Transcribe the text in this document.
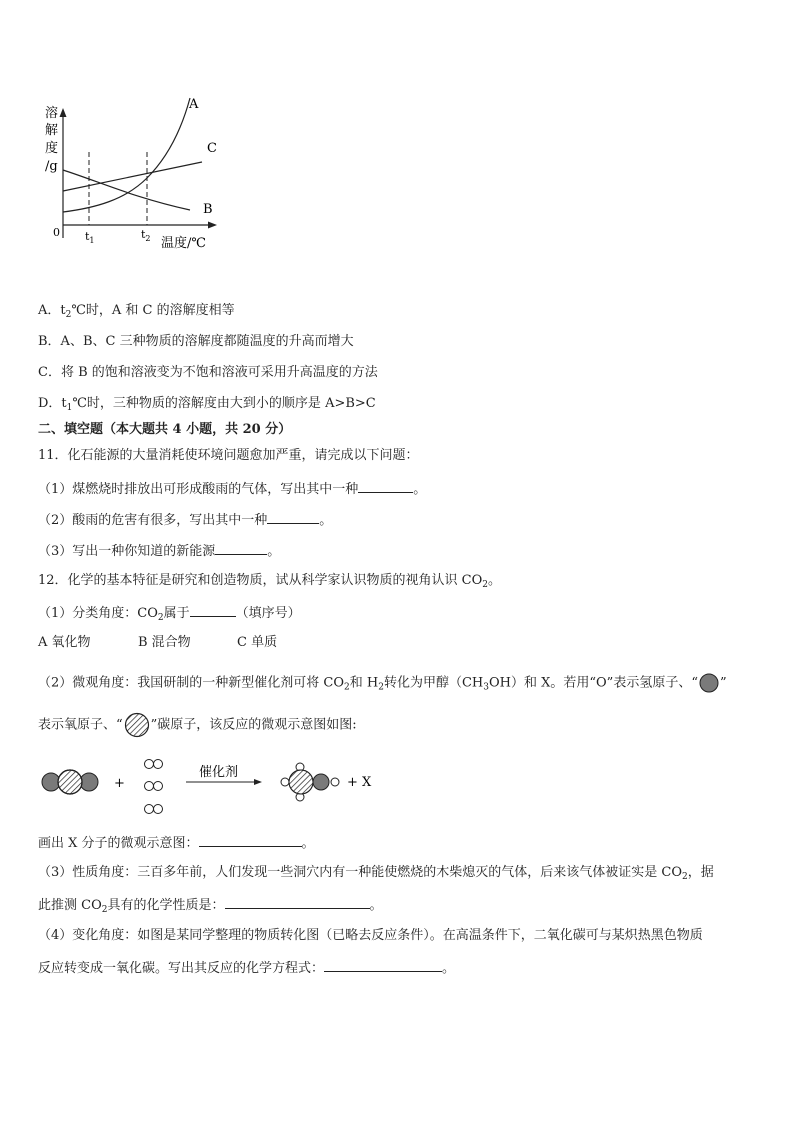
溶
解
度
/g
0 $t_1$	$t_2$ 温度/℃
A
C
B
A．$t_2℃$时，A 和 C 的溶解度相等
B．A、B、C 三种物质的溶解度都随温度的升高而增大
C．将 B 的饱和溶液变为不饱和溶液可采用升高温度的方法
D．$t_1℃$时，三种物质的溶解度由大到小的顺序是 A>B>C
二、填空题（本大题共 4 小题，共 20 分）
11．化石能源的大量消耗使环境问题愈加严重，请完成以下问题：
（1）煤燃烧时排放出可形成酸雨的气体，写出其中一种	。
（2）酸雨的危害有很多，写出其中一种	。
（3）写出一种你知道的新能源	。
12．化学的基本特征是研究和创造物质，试从科学家认识物质的视角认识 $CO_2$。
（1）分类角度：$CO_2$属于	（填序号）
A 氧化物	B 混合物	C 单质
（2）微观角度：我国研制的一种新型催化剂可将 $CO_2$和 $H_2$转化为甲醇$(CH_3OH)$和 X。若用“O”表示氢原子、“ ”
表示氧原子、“ ”碳原子，该反应的微观示意图如图:
+
催化剂
+ X
画出 X 分子的微观示意图：	。
（3）性质角度：三百多年前，人们发现一些洞穴内有一种能使燃烧的木柴熄灭的气体，后来该气体被证实是 $CO_2$，据
此推测 $CO_2$具有的化学性质是：	。
（4）变化角度：如图是某同学整理的物质转化图（已略去反应条件）。在高温条件下，二氧化碳可与某炽热黑色物质
反应转变成一氧化碳。写出其反应的化学方程式：	。
